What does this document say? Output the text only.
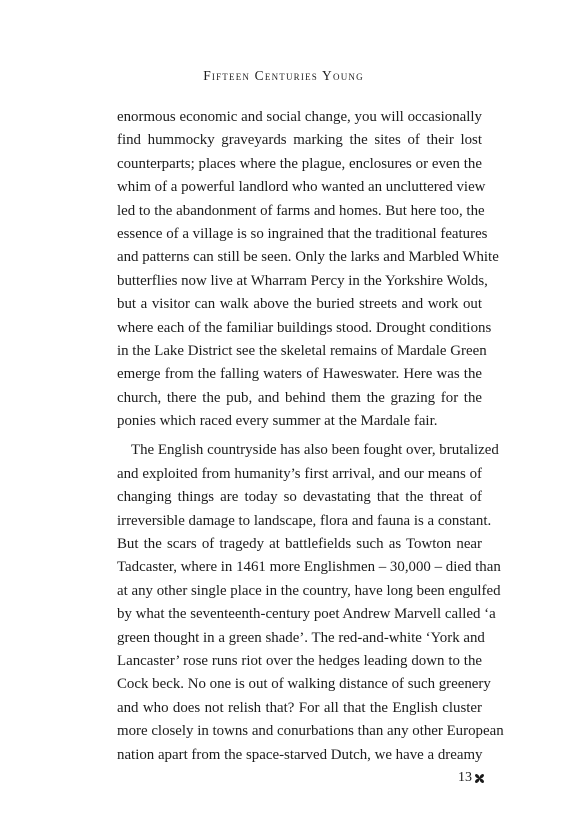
Fifteen Centuries Young
enormous economic and social change, you will occasionally
find hummocky graveyards marking the sites of their lost
counterparts; places where the plague, enclosures or even the
whim of a powerful landlord who wanted an uncluttered view
led to the abandonment of farms and homes. But here too, the
essence of a village is so ingrained that the traditional features
and patterns can still be seen. Only the larks and Marbled White
butterflies now live at Wharram Percy in the Yorkshire Wolds,
but a visitor can walk above the buried streets and work out
where each of the familiar buildings stood. Drought conditions
in the Lake District see the skeletal remains of Mardale Green
emerge from the falling waters of Haweswater. Here was the
church, there the pub, and behind them the grazing for the
ponies which raced every summer at the Mardale fair.
The English countryside has also been fought over, brutalized
and exploited from humanity’s first arrival, and our means of
changing things are today so devastating that the threat of
irreversible damage to landscape, flora and fauna is a constant.
But the scars of tragedy at battlefields such as Towton near
Tadcaster, where in 1461 more Englishmen – 30,000 – died than
at any other single place in the country, have long been engulfed
by what the seventeenth-century poet Andrew Marvell called ‘a
green thought in a green shade’. The red-and-white ‘York and
Lancaster’ rose runs riot over the hedges leading down to the
Cock beck. No one is out of walking distance of such greenery
and who does not relish that? For all that the English cluster
more closely in towns and conurbations than any other European
nation apart from the space-starved Dutch, we have a dreamy
13
